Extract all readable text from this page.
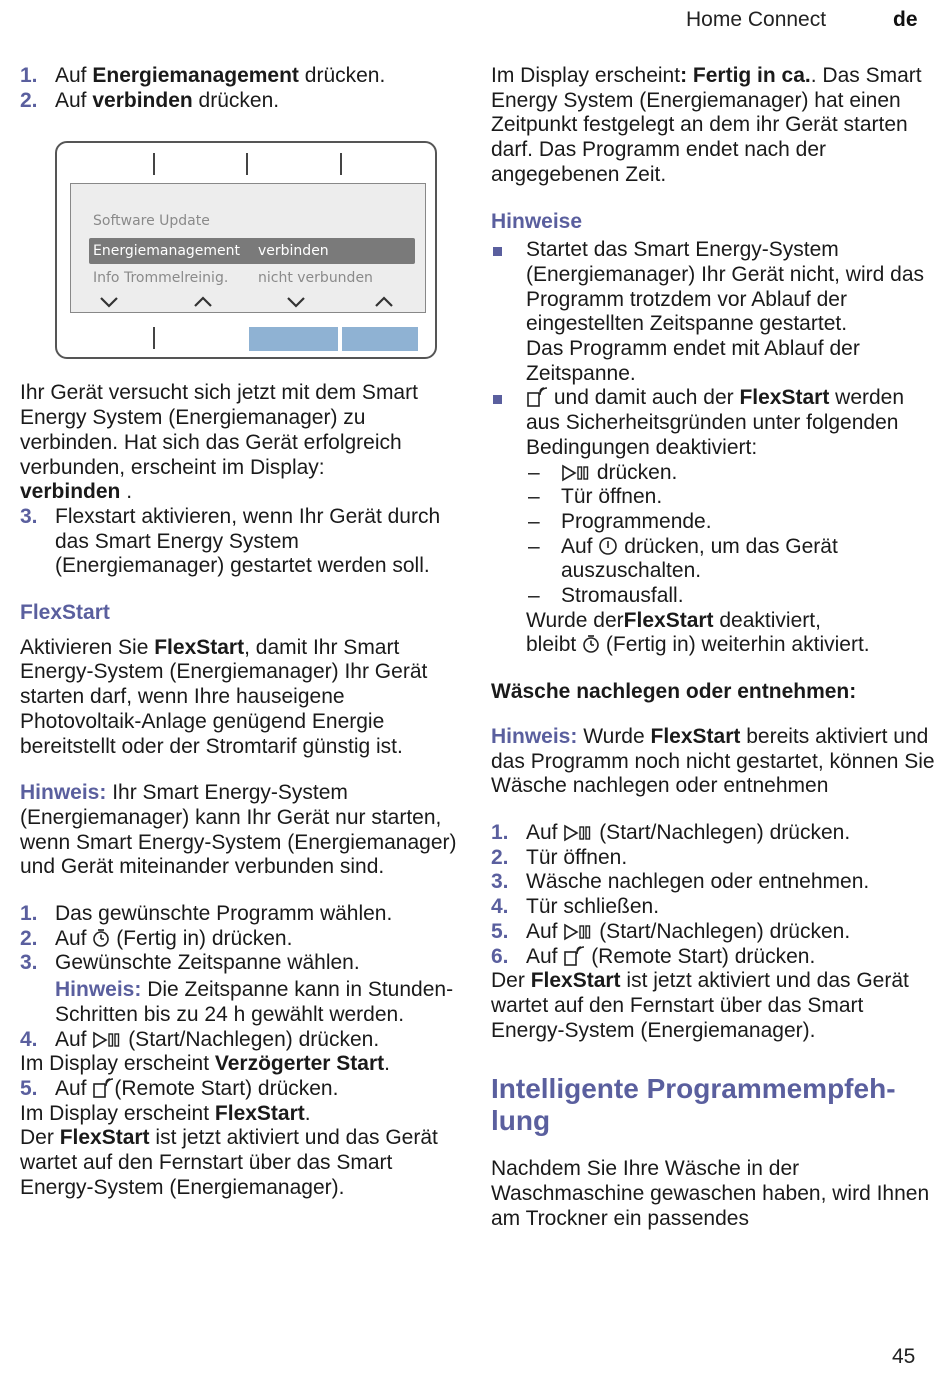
Home Connect	de
1. Auf Energiemanagement drücken.
2. Auf verbinden drücken.

Ihr Gerät versucht sich jetzt mit dem Smart Energy System (Energiemanager) zu verbinden. Hat sich das Gerät erfolgreich verbunden, erscheint im Display:
verbinden .

3. Flexstart aktivieren, wenn Ihr Gerät durch das Smart Energy System (Energiemanager) gestartet werden soll.
FlexStart

Aktivieren Sie FlexStart, damit Ihr Smart Energy-System (Energiemanager) Ihr Gerät starten darf, wenn Ihre hauseigene Photovoltaik-Anlage genügend Energie bereitstellt oder der Stromtarif günstig ist.

Hinweis: Ihr Smart Energy-System (Energiemanager) kann Ihr Gerät nur starten, wenn Smart Energy-System (Energiemanager) und Gerät miteinander verbunden sind.

1. Das gewünschte Programm wählen.
2. Auf  (Fertig in) drücken.
3. Gewünschte Zeitspanne wählen.

Hinweis: Die Zeitspanne kann in Stunden-Schritten bis zu 24 h gewählt werden.

4. Auf  (Start/Nachlegen) drücken.

Im Display erscheint Verzögerter Start.

5. Auf (Remote Start) drücken.

Im Display erscheint FlexStart.

Der FlexStart ist jetzt aktiviert und das Gerät wartet auf den Fernstart über das Smart Energy-System (Energiemanager).

Software Update
Energiemanagement verbinden
Info Trommelreinig. nicht verbunden

Im Display erscheint: Fertig in ca.. Das Smart Energy System (Energiemanager) hat einen Zeitpunkt festgelegt an dem ihr Gerät starten darf. Das Programm endet nach der angegebenen Zeit.

Hinweise
Startet das Smart Energy-System (Energiemanager) Ihr Gerät nicht, wird das Programm trotzdem vor Ablauf der eingestellten Zeitspanne gestartet.
Das Programm endet mit Ablauf der Zeitspanne.
und damit auch der FlexStart werden aus Sicherheitsgründen unter folgenden Bedingungen deaktiviert:
– drücken.
– Tür öffnen.
– Programmende.
– Auf  drücken, um das Gerät auszuschalten.
– Stromausfall.
Wurde derFlexStart deaktiviert,
bleibt  (Fertig in) weiterhin aktiviert.

Wäsche nachlegen oder entnehmen:

Hinweis: Wurde FlexStart bereits aktiviert und das Programm noch nicht gestartet, können Sie Wäsche nachlegen oder entnehmen

1. Auf  (Start/Nachlegen) drücken.
2. Tür öffnen.
3. Wäsche nachlegen oder entnehmen.
4. Tür schließen.
5. Auf  (Start/Nachlegen) drücken.
6. Auf  (Remote Start) drücken.

Der FlexStart ist jetzt aktiviert und das Gerät wartet auf den Fernstart über das Smart Energy-System (Energiemanager).

Intelligente Programmempfehlung

Nachdem Sie Ihre Wäsche in der Waschmaschine gewaschen haben, wird Ihnen am Trockner ein passendes

45
